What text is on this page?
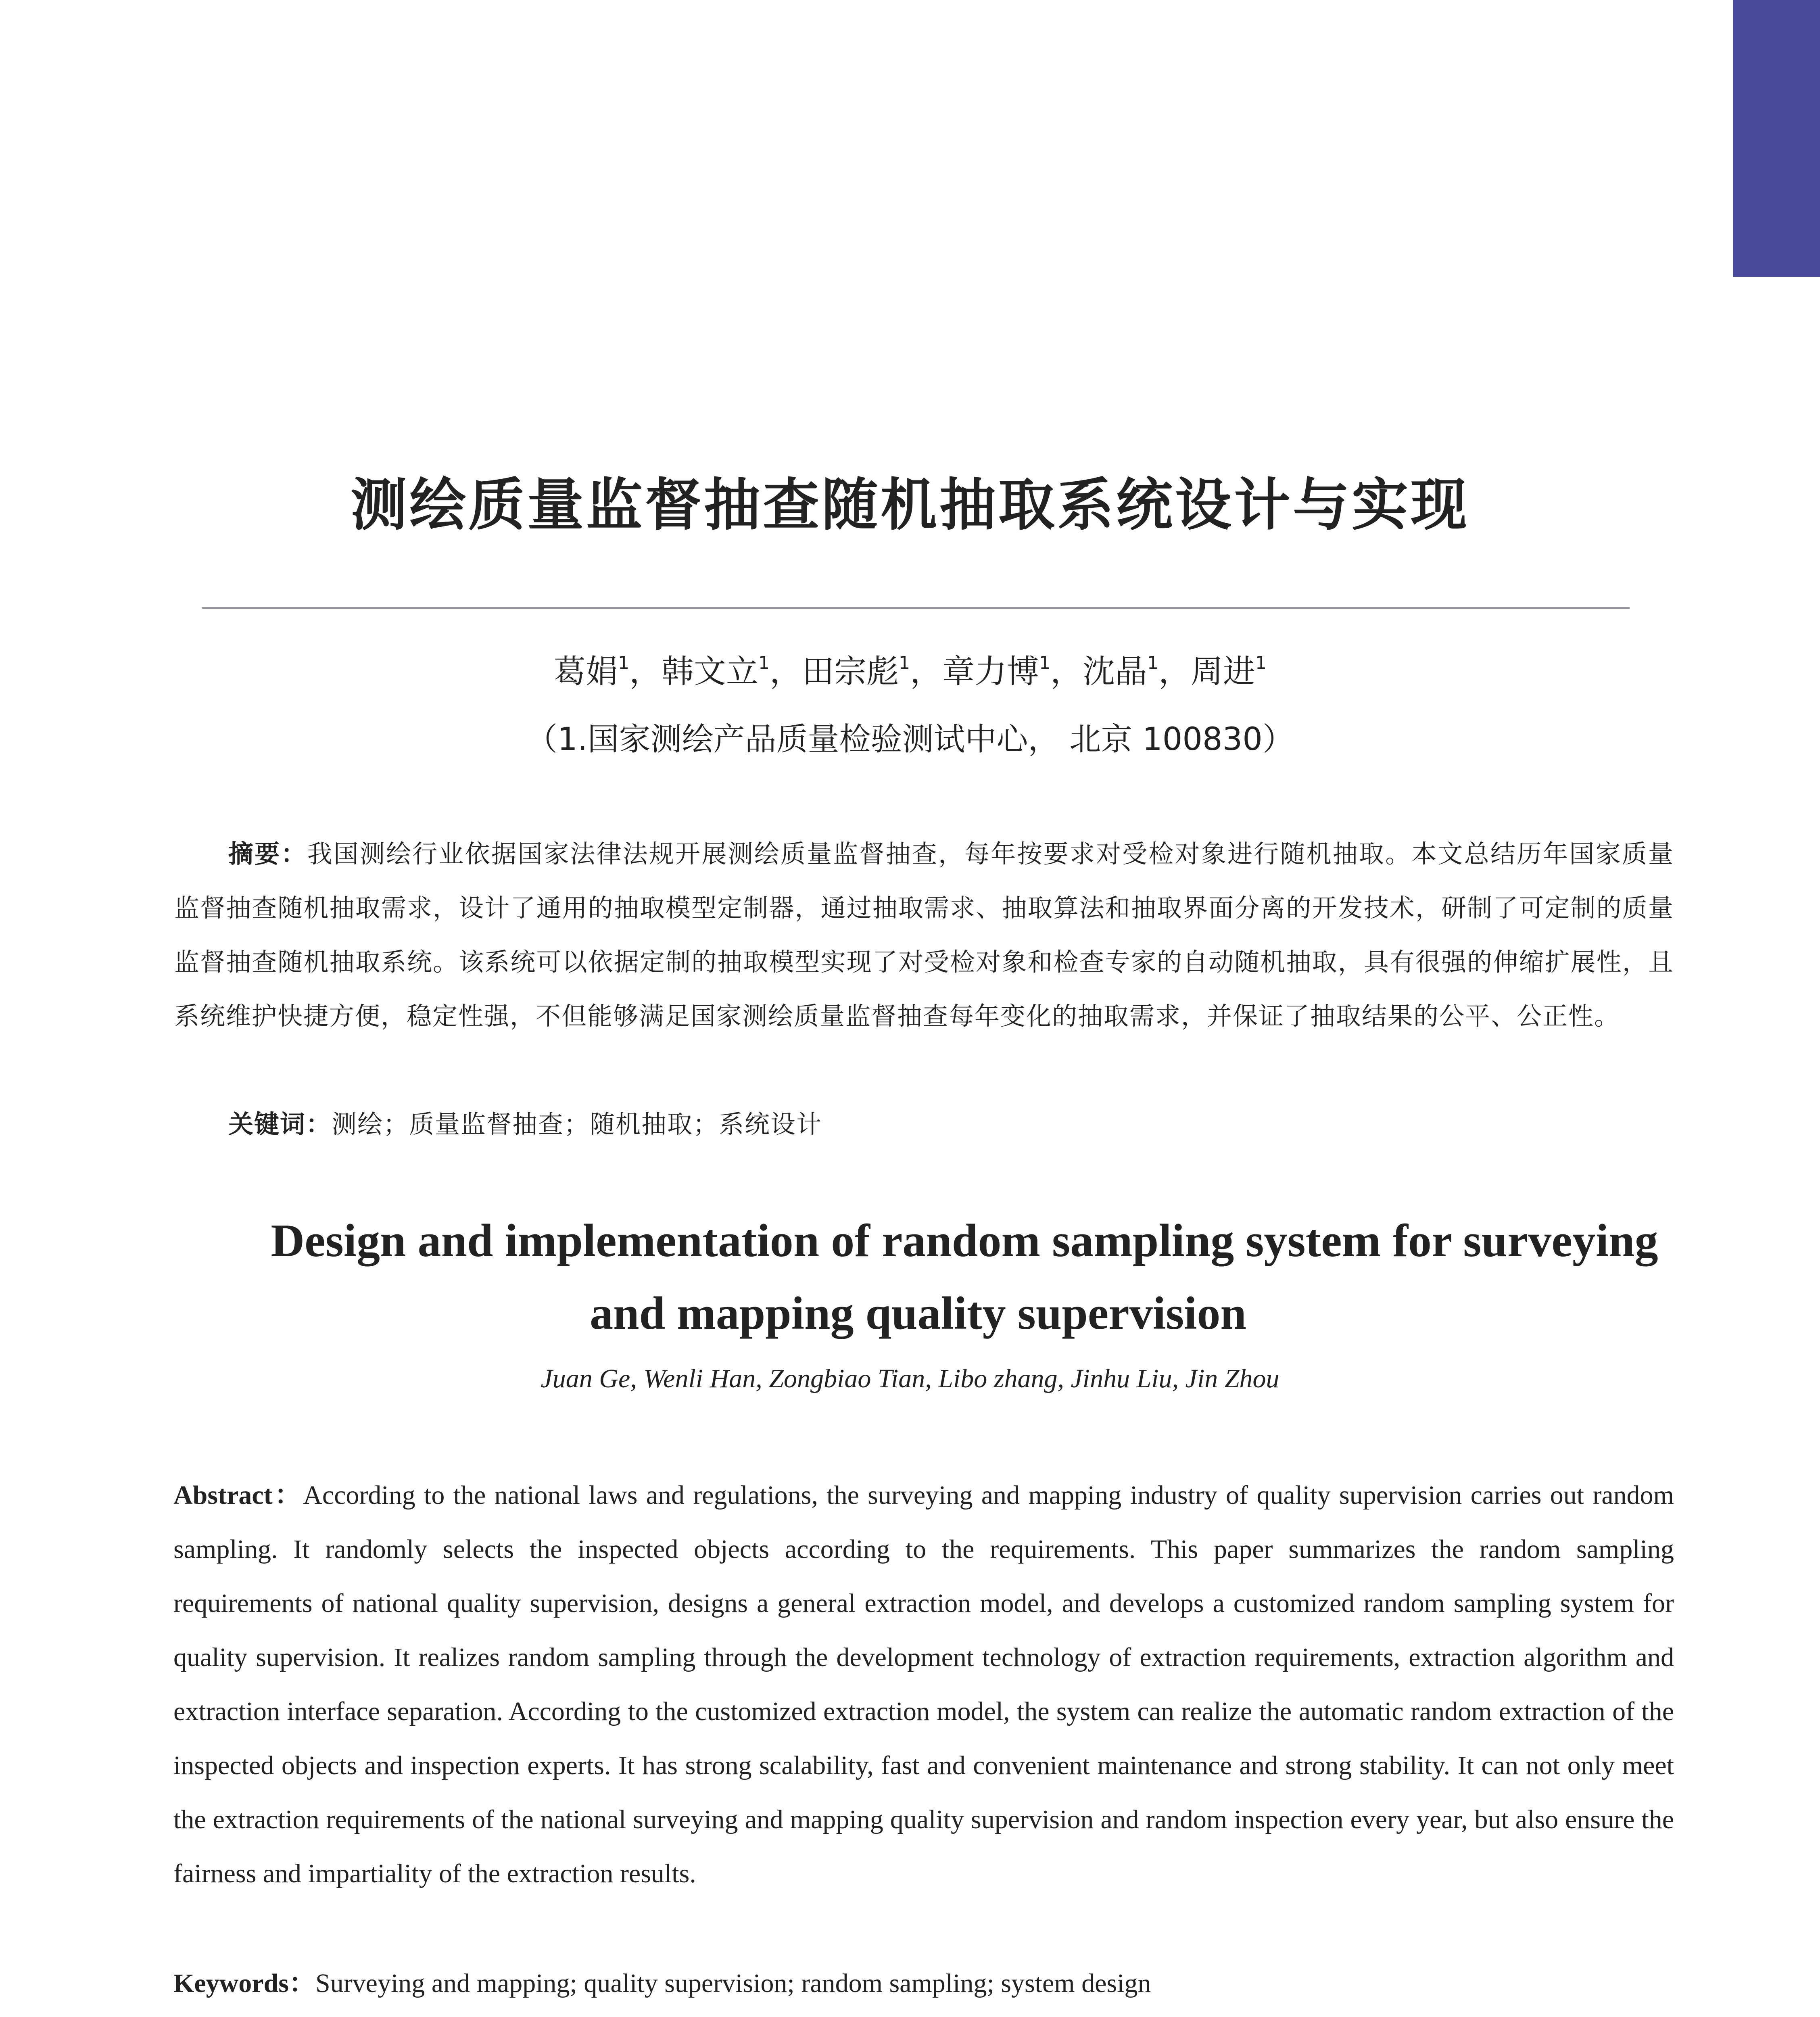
测绘质量监督抽查随机抽取系统设计与实现
葛娟$^1$，韩文立$^1$，田宗彪$^1$，章力博$^1$，沈晶$^1$，周进$^1$
（1.国家测绘产品质量检验测试中心， 北京 100830）
摘要：我国测绘行业依据国家法律法规开展测绘质量监督抽查，每年按要求对受检对象进行随机抽取。本文总结历年国家质量监督抽查随机抽取需求，设计了通用的抽取模型定制器，通过抽取需求、抽取算法和抽取界面分离的开发技术，研制了可定制的质量监督抽查随机抽取系统。该系统可以依据定制的抽取模型实现了对受检对象和检查专家的自动随机抽取，具有很强的伸缩扩展性，且系统维护快捷方便，稳定性强，不但能够满足国家测绘质量监督抽查每年变化的抽取需求，并保证了抽取结果的公平、公正性。
关键词：测绘；质量监督抽查；随机抽取；系统设计
Design and implementation of random sampling system for surveying
and mapping quality supervision
Juan Ge, Wenli Han, Zongbiao Tian, Libo zhang, Jinhu Liu, Jin Zhou
Abstract：According to the national laws and regulations, the surveying and mapping industry of quality supervision carries out random sampling. It randomly selects the inspected objects according to the requirements. This paper summarizes the random sampling requirements of national quality supervision, designs a general extraction model, and develops a customized random sampling system for quality supervision. It realizes random sampling through the development technology of extraction requirements, extraction algorithm and extraction interface separation. According to the customized extraction model, the system can realize the automatic random extraction of the inspected objects and inspection experts. It has strong scalability, fast and convenient maintenance and strong stability. It can not only meet the extraction requirements of the national surveying and mapping quality supervision and random inspection every year, but also ensure the fairness and impartiality of the extraction results.
Keywords：Surveying and mapping; quality supervision; random sampling; system design
